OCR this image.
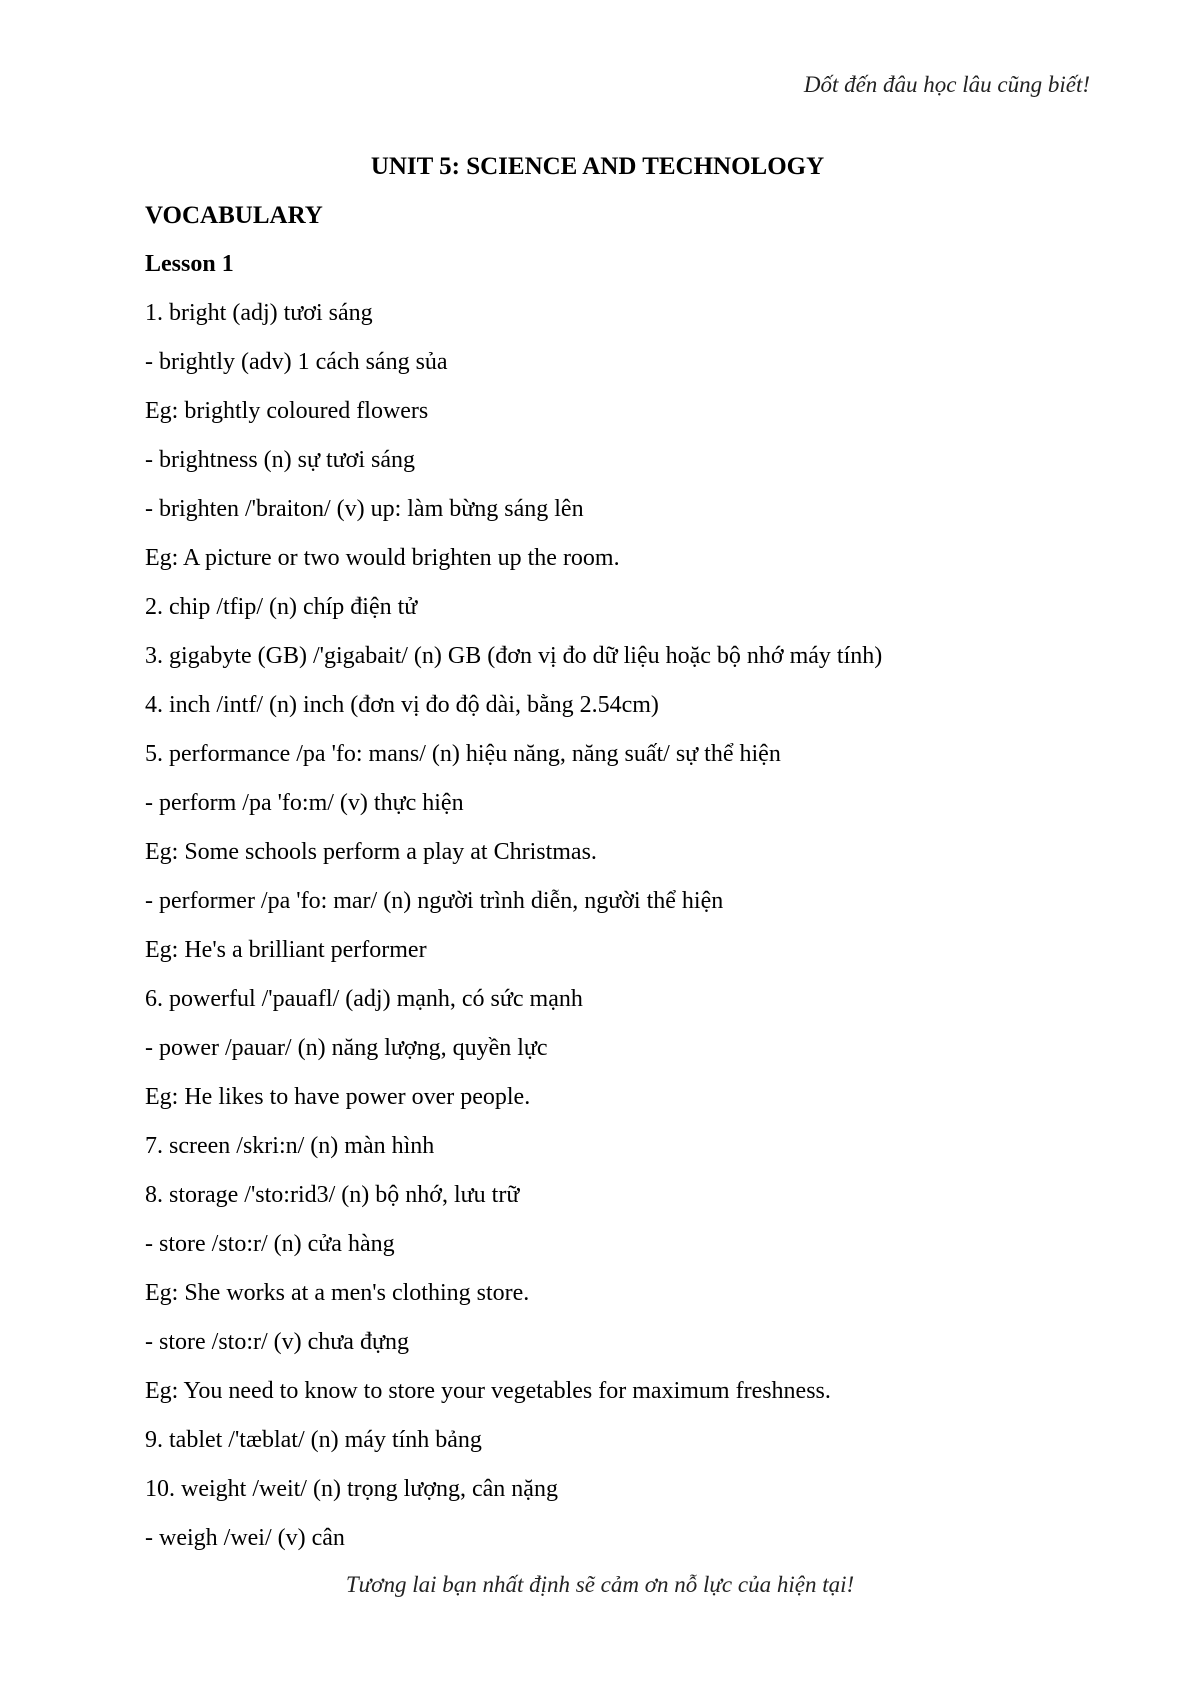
Dốt đến đâu học lâu cũng biết!

UNIT 5: SCIENCE AND TECHNOLOGY
VOCABULARY
Lesson 1
1. bright (adj) tươi sáng
- brightly (adv) 1 cách sáng sủa
Eg: brightly coloured flowers
- brightness (n) sự tươi sáng
- brighten /'braiton/ (v) up: làm bừng sáng lên
Eg: A picture or two would brighten up the room.
2. chip /tfip/ (n) chíp điện tử
3. gigabyte (GB) /'gigabait/ (n) GB (đơn vị đo dữ liệu hoặc bộ nhớ máy tính)
4. inch /intf/ (n) inch (đơn vị đo độ dài, bằng 2.54cm)
5. performance /pa 'fo: mans/ (n) hiệu năng, năng suất/ sự thể hiện
- perform /pa 'fo:m/ (v) thực hiện
Eg: Some schools perform a play at Christmas.
- performer /pa 'fo: mar/ (n) người trình diễn, người thể hiện
Eg: He's a brilliant performer
6. powerful /'pauafl/ (adj) mạnh, có sức mạnh
- power /pauar/ (n) năng lượng, quyền lực
Eg: He likes to have power over people.
7. screen /skri:n/ (n) màn hình
8. storage /'sto:rid3/ (n) bộ nhớ, lưu trữ
- store /sto:r/ (n) cửa hàng
Eg: She works at a men's clothing store.
- store /sto:r/ (v) chưa đựng
Eg: You need to know to store your vegetables for maximum freshness.
9. tablet /'tæblat/ (n) máy tính bảng
10. weight /weit/ (n) trọng lượng, cân nặng
- weigh /wei/ (v) cân

Tương lai bạn nhất định sẽ cảm ơn nỗ lực của hiện tại!
